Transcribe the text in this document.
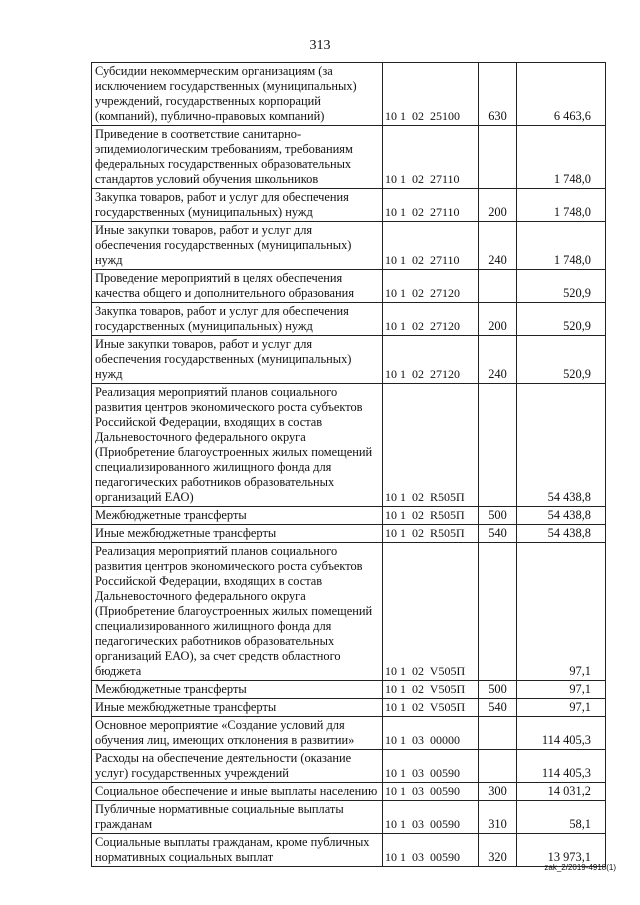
313
Субсидии некоммерческим организациям (за исключением государственных (муниципальных) учреждений, государственных корпораций (компаний), публично-правовых компаний)	10 1  02  25100	630	6 463,6
Приведение в соответствие санитарно-эпидемиологическим требованиям, требованиям федеральных государственных образовательных стандартов условий обучения школьников	10 1  02  27110		1 748,0
Закупка товаров, работ и услуг для обеспечения государственных (муниципальных) нужд	10 1  02  27110	200	1 748,0
Иные закупки товаров, работ и услуг для обеспечения государственных (муниципальных) нужд	10 1  02  27110	240	1 748,0
Проведение мероприятий в целях обеспечения качества общего и дополнительного образования	10 1  02  27120		520,9
Закупка товаров, работ и услуг для обеспечения государственных (муниципальных) нужд	10 1  02  27120	200	520,9
Иные закупки товаров, работ и услуг для обеспечения государственных (муниципальных) нужд	10 1  02  27120	240	520,9
Реализация мероприятий планов социального развития центров экономического роста субъектов Российской Федерации, входящих в состав Дальневосточного федерального округа (Приобретение благоустроенных жилых помещений специализированного жилищного фонда для педагогических работников образовательных организаций ЕАО)	10 1  02  R505П		54 438,8
Межбюджетные трансферты	10 1  02  R505П	500	54 438,8
Иные межбюджетные трансферты	10 1  02  R505П	540	54 438,8
Реализация мероприятий планов социального развития центров экономического роста субъектов Российской Федерации, входящих в состав Дальневосточного федерального округа (Приобретение благоустроенных жилых помещений специализированного жилищного фонда для педагогических работников образовательных организаций ЕАО), за счет средств областного бюджета	10 1  02  V505П		97,1
Межбюджетные трансферты	10 1  02  V505П	500	97,1
Иные межбюджетные трансферты	10 1  02  V505П	540	97,1
Основное мероприятие «Создание условий для обучения лиц, имеющих отклонения в развитии»	10 1  03  00000		114 405,3
Расходы на обеспечение деятельности (оказание услуг) государственных учреждений	10 1  03  00590		114 405,3
Социальное обеспечение и иные выплаты населению	10 1  03  00590	300	14 031,2
Публичные нормативные социальные выплаты гражданам	10 1  03  00590	310	58,1
Социальные выплаты гражданам, кроме публичных нормативных социальных выплат	10 1  03  00590	320	13 973,1
zak_2/2019-4918(1)
